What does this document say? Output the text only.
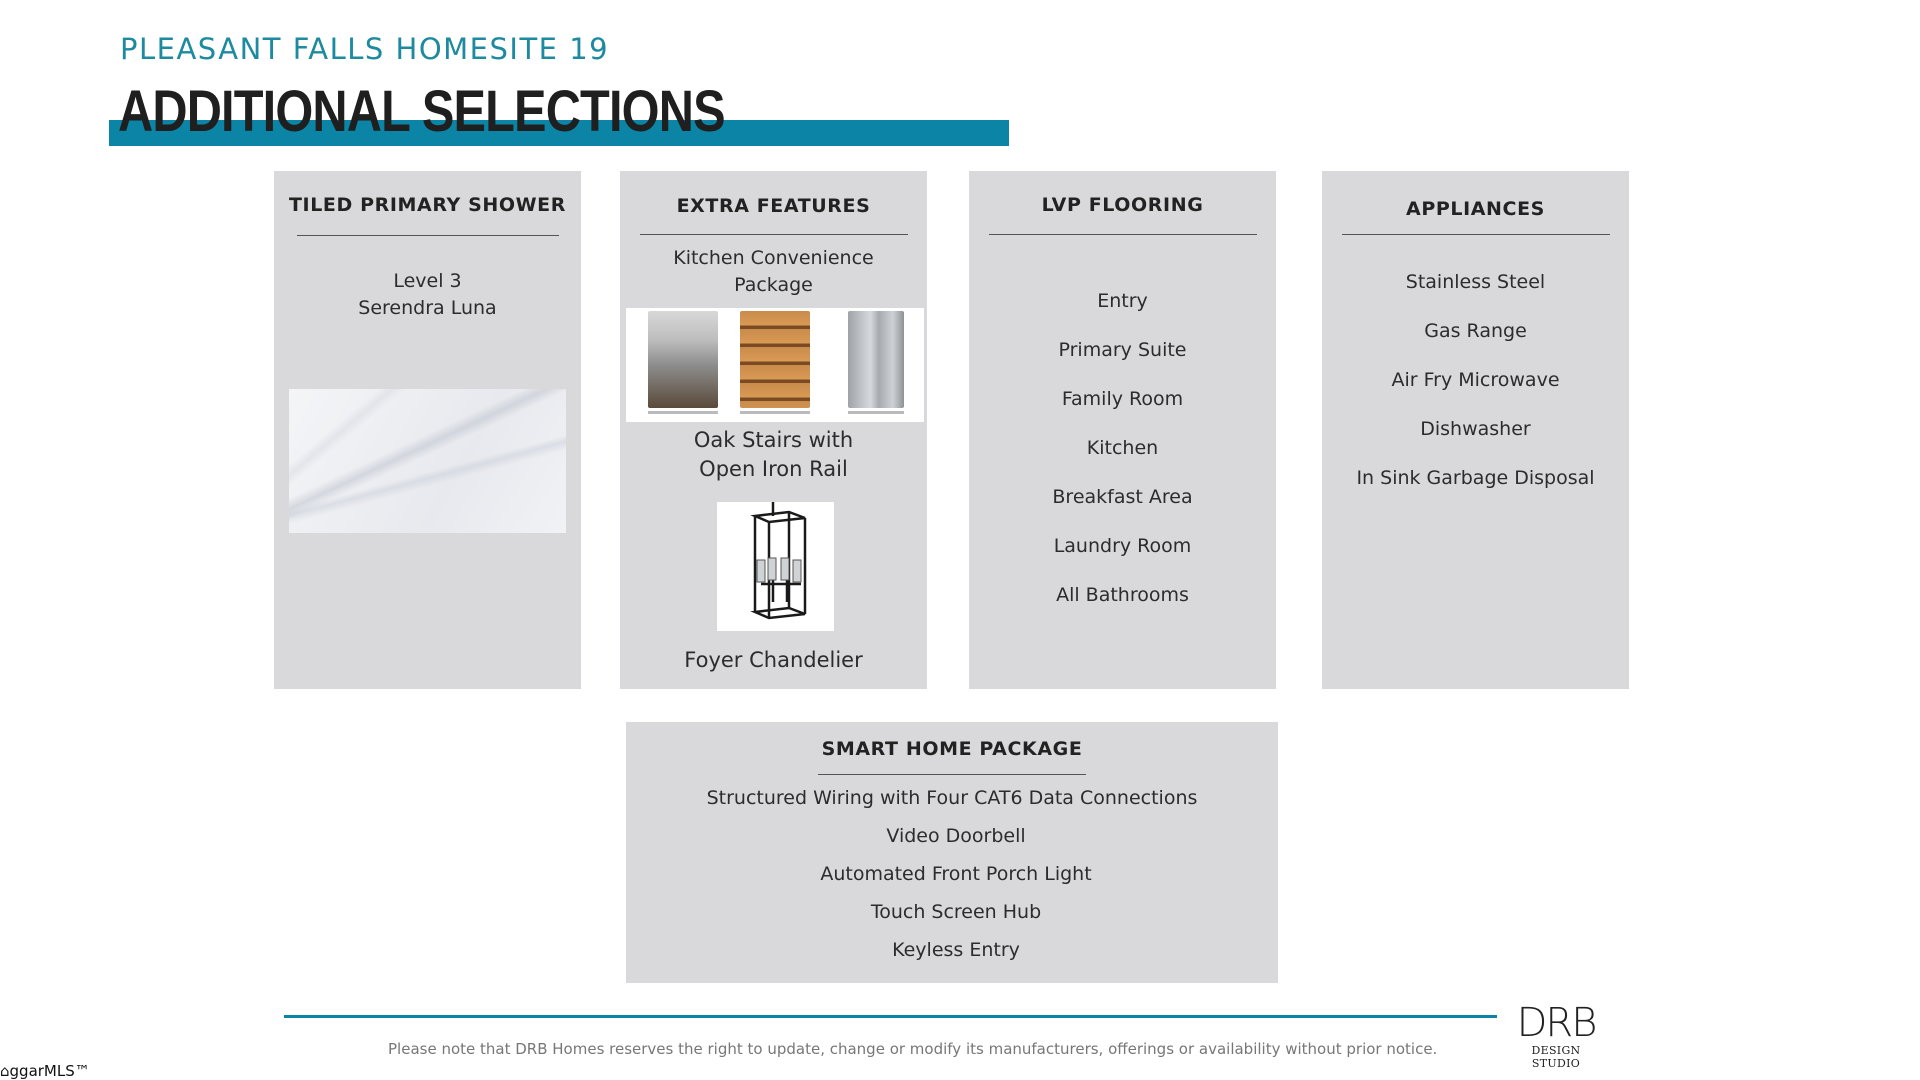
PLEASANT FALLS HOMESITE 19
ADDITIONAL SELECTIONS
TILED PRIMARY SHOWER
Level 3
Serendra Luna
EXTRA FEATURES
Kitchen Convenience
Package
Oak Stairs with
Open Iron Rail
Foyer Chandelier
LVP FLOORING
Entry
Primary Suite
Family Room
Kitchen
Breakfast Area
Laundry Room
All Bathrooms
APPLIANCES
Stainless Steel
Gas Range
Air Fry Microwave
Dishwasher
In Sink Garbage Disposal
SMART HOME PACKAGE
Structured Wiring with Four CAT6 Data Connections
Video Doorbell
Automated Front Porch Light
Touch Screen Hub
Keyless Entry
Please note that DRB Homes reserves the right to update, change or modify its manufacturers, offerings or availability without prior notice.
DRB
DESIGN STUDIO
⌂ggarMLS™
